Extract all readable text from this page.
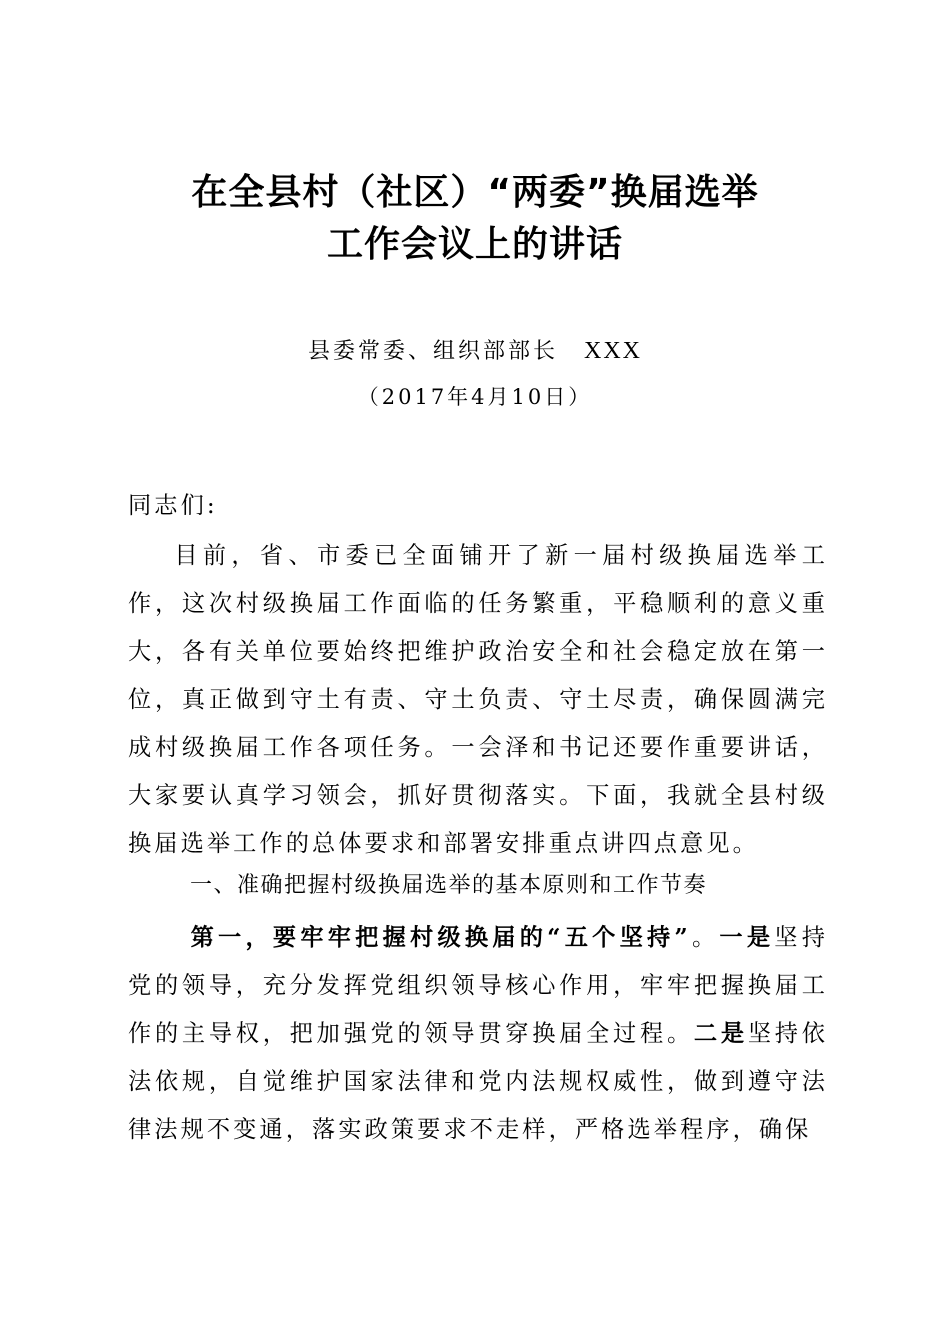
在全县村（社区）“两委”换届选举
工作会议上的讲话
县委常委、组织部部长 XXX
（2017年4月10日）
同志们:
目前，省、市委已全面铺开了新一届村级换届选举工作，这次村级换届工作面临的任务繁重，平稳顺利的意义重大，各有关单位要始终把维护政治安全和社会稳定放在第一位，真正做到守土有责、守土负责、守土尽责，确保圆满完成村级换届工作各项任务。一会泽和书记还要作重要讲话，大家要认真学习领会，抓好贯彻落实。下面，我就全县村级换届选举工作的总体要求和部署安排重点讲四点意见。
一、准确把握村级换届选举的基本原则和工作节奏
第一，要牢牢把握村级换届的“五个坚持”。一是坚持党的领导，充分发挥党组织领导核心作用，牢牢把握换届工作的主导权，把加强党的领导贯穿换届全过程。二是坚持依法依规，自觉维护国家法律和党内法规权威性，做到遵守法律法规不变通，落实政策要求不走样，严格选举程序，确保
